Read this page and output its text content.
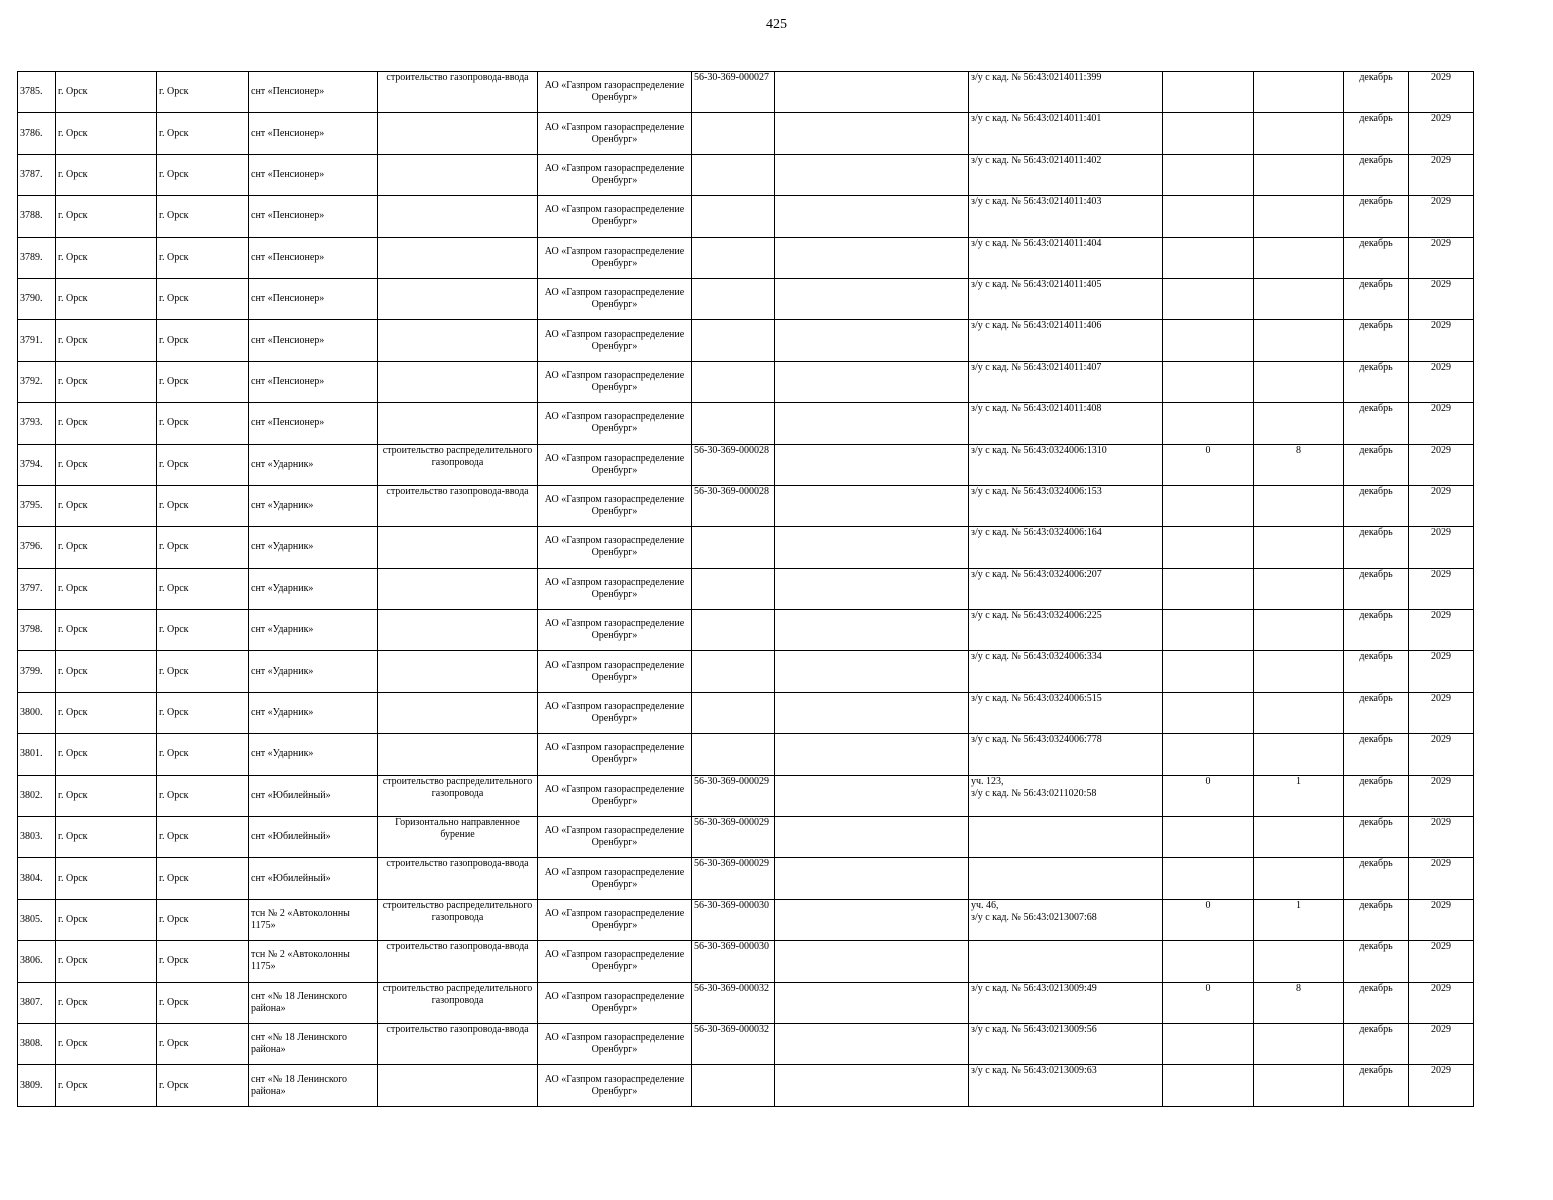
425
3785.	г. Орск	г. Орск	снт «Пенсионер»	строительство газопровода-ввода	АО «Газпром газораспределение Оренбург»	56-30-369-000027		з/у с кад. № 56:43:0214011:399			декабрь	2029
3786.	г. Орск	г. Орск	снт «Пенсионер»		АО «Газпром газораспределение Оренбург»			з/у с кад. № 56:43:0214011:401			декабрь	2029
3787.	г. Орск	г. Орск	снт «Пенсионер»		АО «Газпром газораспределение Оренбург»			з/у с кад. № 56:43:0214011:402			декабрь	2029
3788.	г. Орск	г. Орск	снт «Пенсионер»		АО «Газпром газораспределение Оренбург»			з/у с кад. № 56:43:0214011:403			декабрь	2029
3789.	г. Орск	г. Орск	снт «Пенсионер»		АО «Газпром газораспределение Оренбург»			з/у с кад. № 56:43:0214011:404			декабрь	2029
3790.	г. Орск	г. Орск	снт «Пенсионер»		АО «Газпром газораспределение Оренбург»			з/у с кад. № 56:43:0214011:405			декабрь	2029
3791.	г. Орск	г. Орск	снт «Пенсионер»		АО «Газпром газораспределение Оренбург»			з/у с кад. № 56:43:0214011:406			декабрь	2029
3792.	г. Орск	г. Орск	снт «Пенсионер»		АО «Газпром газораспределение Оренбург»			з/у с кад. № 56:43:0214011:407			декабрь	2029
3793.	г. Орск	г. Орск	снт «Пенсионер»		АО «Газпром газораспределение Оренбург»			з/у с кад. № 56:43:0214011:408			декабрь	2029
3794.	г. Орск	г. Орск	снт «Ударник»	строительство распределительного газопровода	АО «Газпром газораспределение Оренбург»	56-30-369-000028		з/у с кад. № 56:43:0324006:1310	0	8	декабрь	2029
3795.	г. Орск	г. Орск	снт «Ударник»	строительство газопровода-ввода	АО «Газпром газораспределение Оренбург»	56-30-369-000028		з/у с кад. № 56:43:0324006:153			декабрь	2029
3796.	г. Орск	г. Орск	снт «Ударник»		АО «Газпром газораспределение Оренбург»			з/у с кад. № 56:43:0324006:164			декабрь	2029
3797.	г. Орск	г. Орск	снт «Ударник»		АО «Газпром газораспределение Оренбург»			з/у с кад. № 56:43:0324006:207			декабрь	2029
3798.	г. Орск	г. Орск	снт «Ударник»		АО «Газпром газораспределение Оренбург»			з/у с кад. № 56:43:0324006:225			декабрь	2029
3799.	г. Орск	г. Орск	снт «Ударник»		АО «Газпром газораспределение Оренбург»			з/у с кад. № 56:43:0324006:334			декабрь	2029
3800.	г. Орск	г. Орск	снт «Ударник»		АО «Газпром газораспределение Оренбург»			з/у с кад. № 56:43:0324006:515			декабрь	2029
3801.	г. Орск	г. Орск	снт «Ударник»		АО «Газпром газораспределение Оренбург»			з/у с кад. № 56:43:0324006:778			декабрь	2029
3802.	г. Орск	г. Орск	снт «Юбилейный»	строительство распределительного газопровода	АО «Газпром газораспределение Оренбург»	56-30-369-000029		уч. 123,
з/у с кад. № 56:43:0211020:58	0	1	декабрь	2029
3803.	г. Орск	г. Орск	снт «Юбилейный»	Горизонтально направленное бурение	АО «Газпром газораспределение Оренбург»	56-30-369-000029					декабрь	2029
3804.	г. Орск	г. Орск	снт «Юбилейный»	строительство газопровода-ввода	АО «Газпром газораспределение Оренбург»	56-30-369-000029					декабрь	2029
3805.	г. Орск	г. Орск	тсн № 2 «Автоколонны 1175»	строительство распределительного газопровода	АО «Газпром газораспределение Оренбург»	56-30-369-000030		уч. 46,
з/у с кад. № 56:43:0213007:68	0	1	декабрь	2029
3806.	г. Орск	г. Орск	тсн № 2 «Автоколонны 1175»	строительство газопровода-ввода	АО «Газпром газораспределение Оренбург»	56-30-369-000030					декабрь	2029
3807.	г. Орск	г. Орск	снт «№ 18 Ленинского района»	строительство распределительного газопровода	АО «Газпром газораспределение Оренбург»	56-30-369-000032		з/у с кад. № 56:43:0213009:49	0	8	декабрь	2029
3808.	г. Орск	г. Орск	снт «№ 18 Ленинского района»	строительство газопровода-ввода	АО «Газпром газораспределение Оренбург»	56-30-369-000032		з/у с кад. № 56:43:0213009:56			декабрь	2029
3809.	г. Орск	г. Орск	снт «№ 18 Ленинского района»		АО «Газпром газораспределение Оренбург»			з/у с кад. № 56:43:0213009:63			декабрь	2029
